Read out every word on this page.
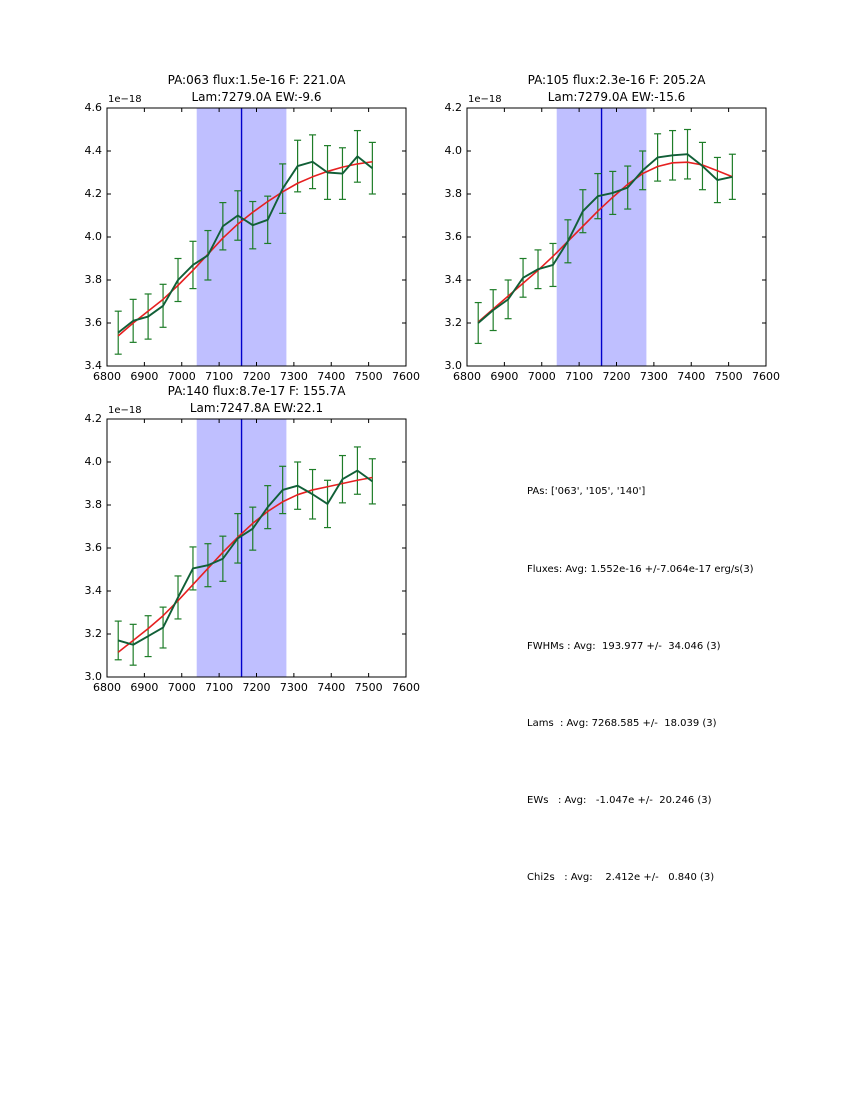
PAs: ['063', '105', '140']

Fluxes: Avg: 1.552e-16 +/-7.064e-17 erg/s(3)

FWHMs : Avg:  193.977 +/-  34.046 (3)

Lams  : Avg: 7268.585 +/-  18.039 (3)

EWs   : Avg:   -1.047e +/-  20.246 (3)

Chi2s   : Avg:    2.412e +/-   0.840 (3)

PA:063 flux:1.5e-16 F: 221.0A
Lam:7279.0A EW:-9.6
1e−18
6800 6900 7000 7100 7200 7300 7400 7500 7600
3.4
3.6
3.8
4.0
4.2
4.4
4.6
PA:105 flux:2.3e-16 F: 205.2A
Lam:7279.0A EW:-15.6
1e−18
6800 6900 7000 7100 7200 7300 7400 7500 7600
3.0
3.2
3.4
3.6
3.8
4.0
4.2
PA:140 flux:8.7e-17 F: 155.7A
Lam:7247.8A EW:22.1
1e−18
6800 6900 7000 7100 7200 7300 7400 7500 7600
3.0
3.2
3.4
3.6
3.8
4.0
4.2
